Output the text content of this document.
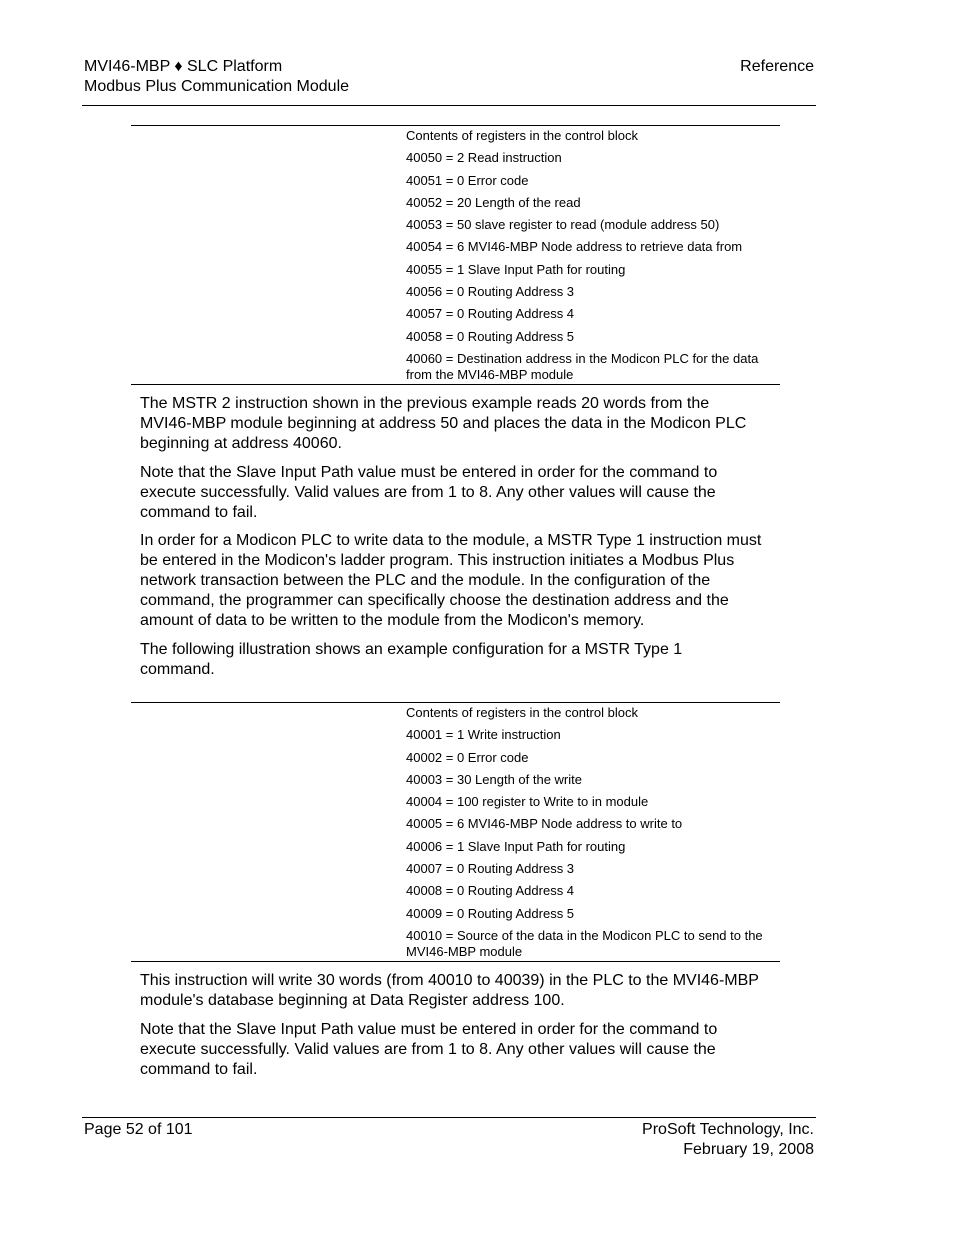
MVI46-MBP ♦ SLC Platform
Modbus Plus Communication Module
Reference
Contents of registers in the control block
40050 = 2 Read instruction
40051 = 0 Error code
40052 = 20 Length of the read
40053 = 50 slave register to read (module address 50)
40054 = 6 MVI46-MBP Node address to retrieve data from
40055 = 1 Slave Input Path for routing
40056 = 0 Routing Address 3
40057 = 0 Routing Address 4
40058 = 0 Routing Address 5
40060 = Destination address in the Modicon PLC for the data from the MVI46-MBP module

The MSTR 2 instruction shown in the previous example reads 20 words from the MVI46-MBP module beginning at address 50 and places the data in the Modicon PLC beginning at address 40060.

Note that the Slave Input Path value must be entered in order for the command to execute successfully. Valid values are from 1 to 8. Any other values will cause the command to fail.

In order for a Modicon PLC to write data to the module, a MSTR Type 1 instruction must be entered in the Modicon's ladder program. This instruction initiates a Modbus Plus network transaction between the PLC and the module. In the configuration of the command, the programmer can specifically choose the destination address and the amount of data to be written to the module from the Modicon's memory.

The following illustration shows an example configuration for a MSTR Type 1 command.

Contents of registers in the control block
40001 = 1 Write instruction
40002 = 0 Error code
40003 = 30 Length of the write
40004 = 100 register to Write to in module
40005 = 6 MVI46-MBP Node address to write to
40006 = 1 Slave Input Path for routing
40007 = 0 Routing Address 3
40008 = 0 Routing Address 4
40009 = 0 Routing Address 5
40010 = Source of the data in the Modicon PLC to send to the MVI46-MBP module

This instruction will write 30 words (from 40010 to 40039) in the PLC to the MVI46-MBP module's database beginning at Data Register address 100.

Note that the Slave Input Path value must be entered in order for the command to execute successfully. Valid values are from 1 to 8. Any other values will cause the command to fail.

Page 52 of 101	ProSoft Technology, Inc.
February 19, 2008
